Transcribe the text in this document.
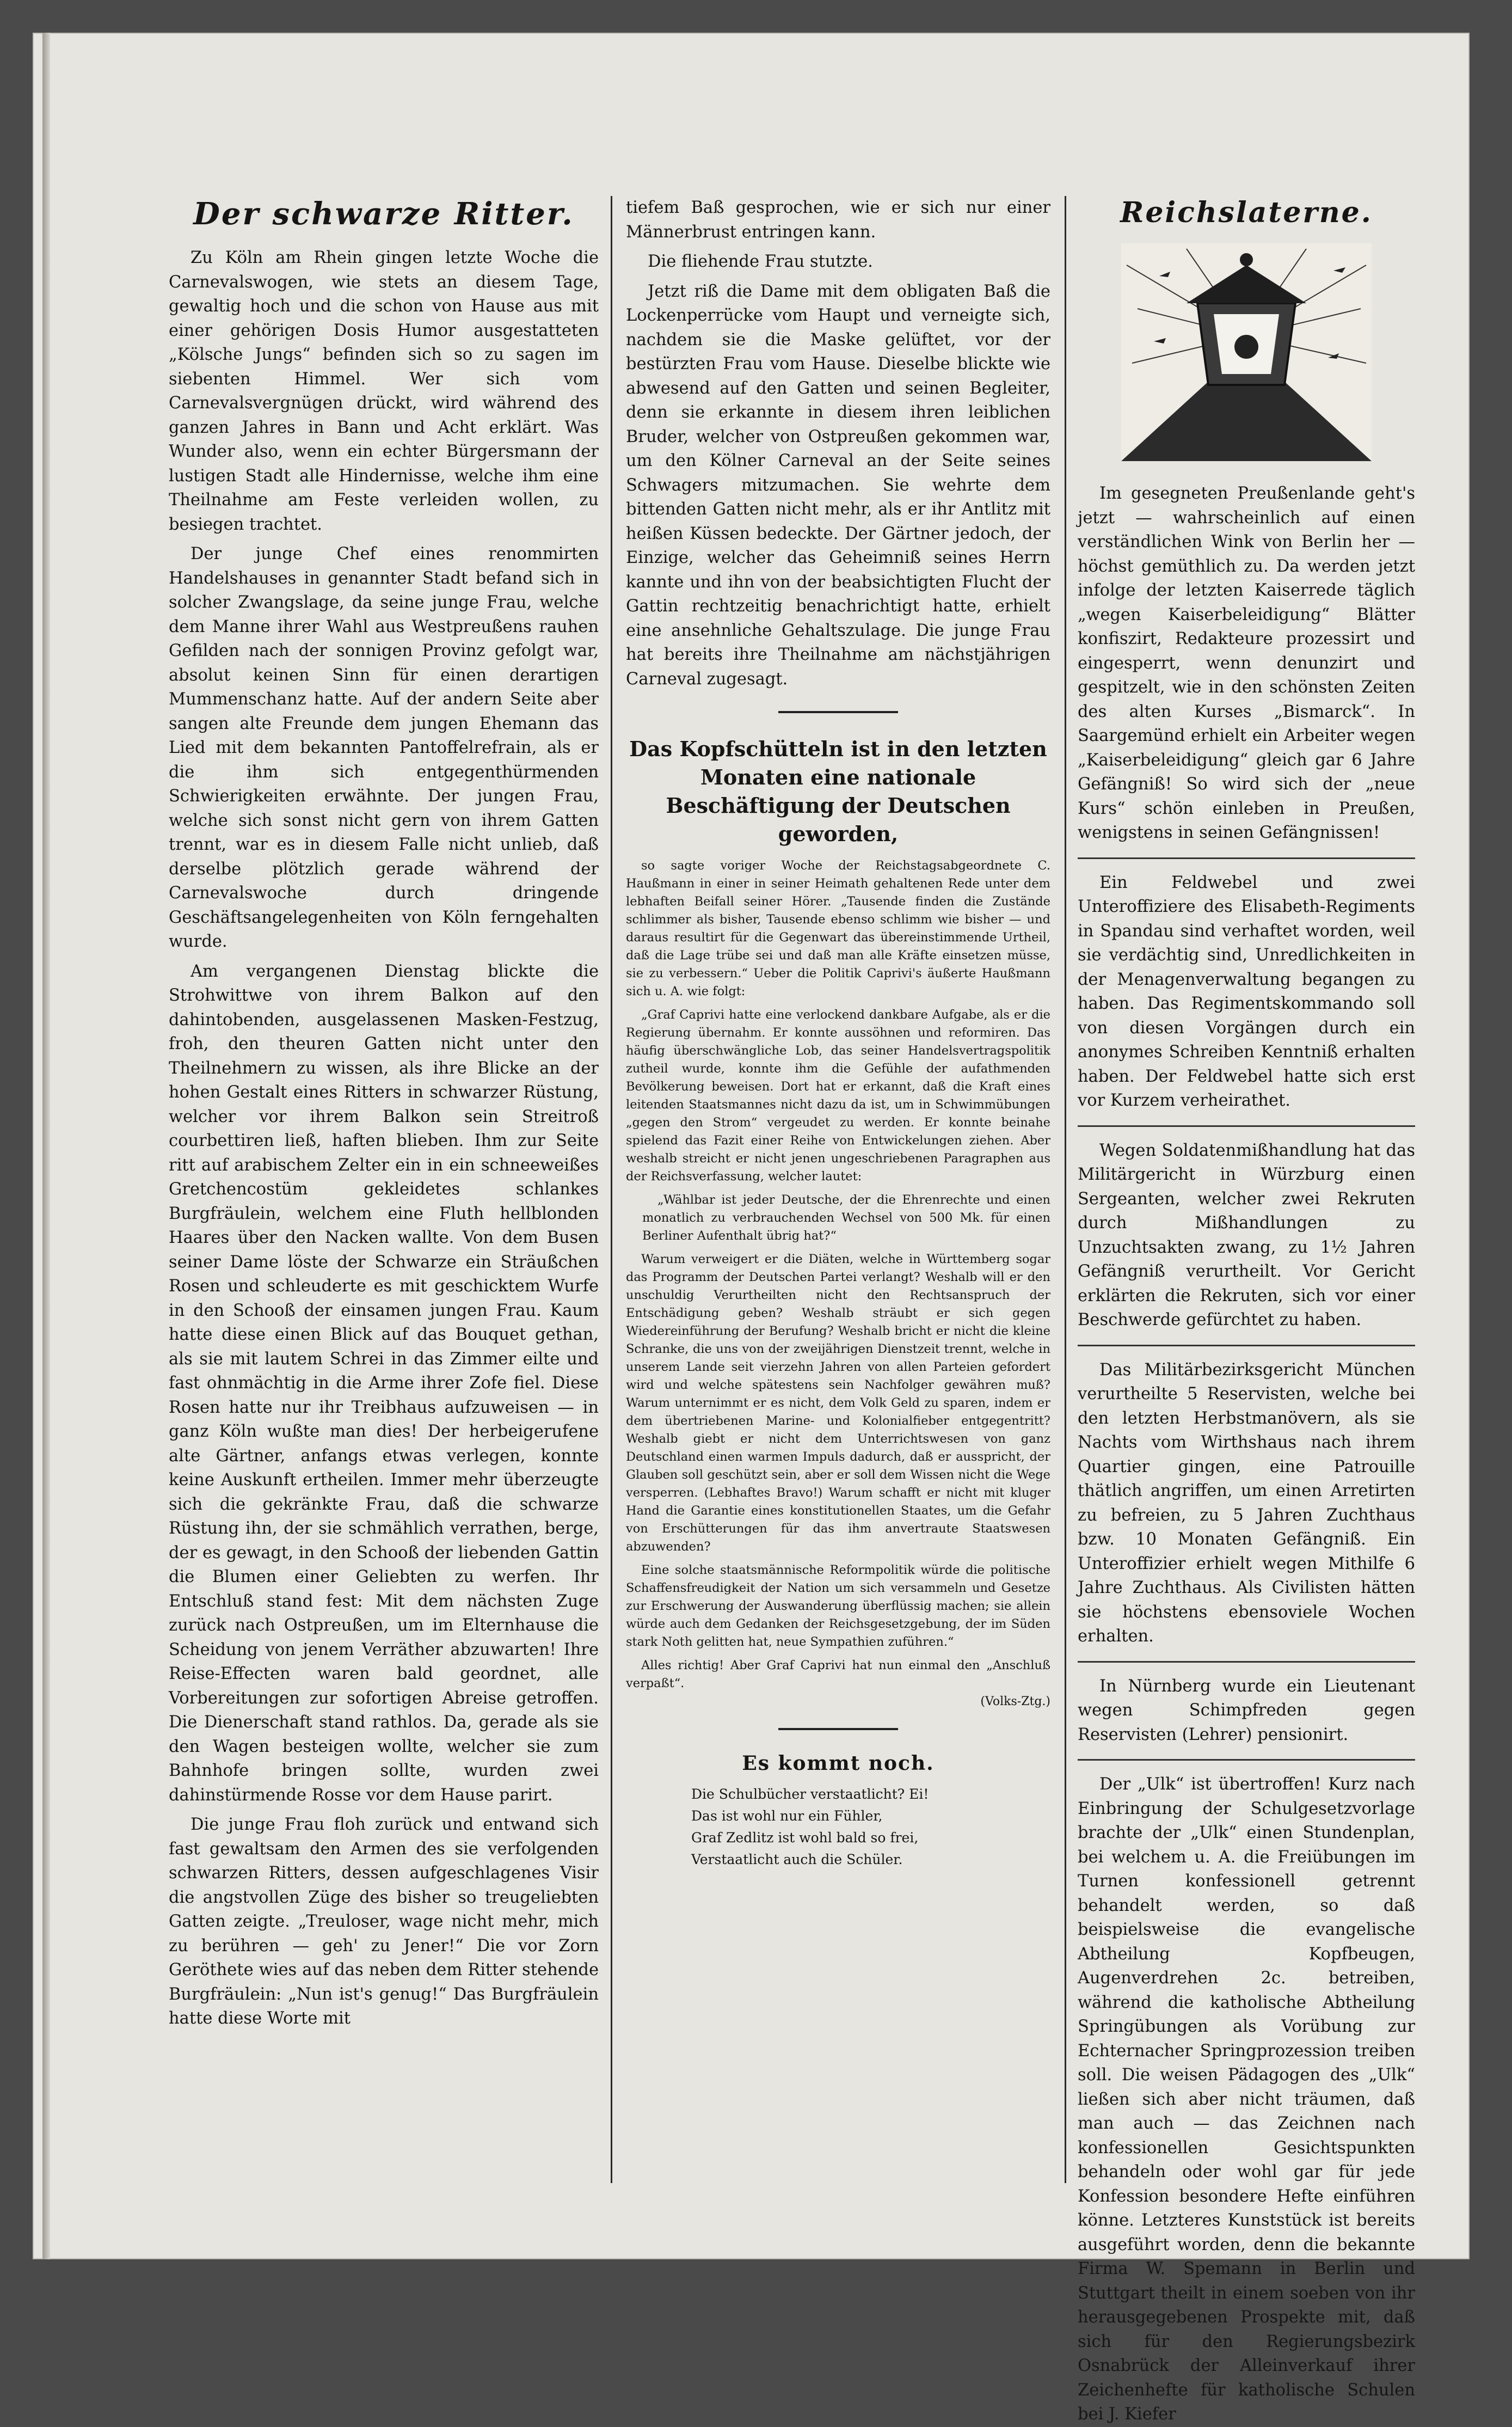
Der schwarze Ritter.

Zu Köln am Rhein gingen letzte Woche die Carnevalswogen, wie stets an diesem Tage, gewaltig hoch und die schon von Hause aus mit einer gehörigen Dosis Humor ausgestatteten „Kölsche Jungs“ befinden sich so zu sagen im siebenten Himmel. Wer sich vom Carnevalsvergnügen drückt, wird während des ganzen Jahres in Bann und Acht erklärt. Was Wunder also, wenn ein echter Bürgersmann der lustigen Stadt alle Hindernisse, welche ihm eine Theilnahme am Feste verleiden wollen, zu besiegen trachtet.

Der junge Chef eines renommirten Handelshauses in genannter Stadt befand sich in solcher Zwangslage, da seine junge Frau, welche dem Manne ihrer Wahl aus Westpreußens rauhen Gefilden nach der sonnigen Provinz gefolgt war, absolut keinen Sinn für einen derartigen Mummenschanz hatte. Auf der andern Seite aber sangen alte Freunde dem jungen Ehemann das Lied mit dem bekannten Pantoffelrefrain, als er die ihm sich entgegenthürmenden Schwierigkeiten erwähnte. Der jungen Frau, welche sich sonst nicht gern von ihrem Gatten trennt, war es in diesem Falle nicht unlieb, daß derselbe plötzlich gerade während der Carnevalswoche durch dringende Geschäftsangelegenheiten von Köln ferngehalten wurde.

Am vergangenen Dienstag blickte die Strohwittwe von ihrem Balkon auf den dahintobenden, ausgelassenen Masken-Festzug, froh, den theuren Gatten nicht unter den Theilnehmern zu wissen, als ihre Blicke an der hohen Gestalt eines Ritters in schwarzer Rüstung, welcher vor ihrem Balkon sein Streitroß courbettiren ließ, haften blieben. Ihm zur Seite ritt auf arabischem Zelter ein in ein schneeweißes Gretchencostüm gekleidetes schlankes Burgfräulein, welchem eine Fluth hellblonden Haares über den Nacken wallte. Von dem Busen seiner Dame löste der Schwarze ein Sträußchen Rosen und schleuderte es mit geschicktem Wurfe in den Schooß der einsamen jungen Frau. Kaum hatte diese einen Blick auf das Bouquet gethan, als sie mit lautem Schrei in das Zimmer eilte und fast ohnmächtig in die Arme ihrer Zofe fiel. Diese Rosen hatte nur ihr Treibhaus aufzuweisen — in ganz Köln wußte man dies! Der herbeigerufene alte Gärtner, anfangs etwas verlegen, konnte keine Auskunft ertheilen. Immer mehr überzeugte sich die gekränkte Frau, daß die schwarze Rüstung ihn, der sie schmählich verrathen, berge, der es gewagt, in den Schooß der liebenden Gattin die Blumen einer Geliebten zu werfen. Ihr Entschluß stand fest: Mit dem nächsten Zuge zurück nach Ostpreußen, um im Elternhause die Scheidung von jenem Verräther abzuwarten! Ihre Reise-Effecten waren bald geordnet, alle Vorbereitungen zur sofortigen Abreise getroffen. Die Dienerschaft stand rathlos. Da, gerade als sie den Wagen besteigen wollte, welcher sie zum Bahnhofe bringen sollte, wurden zwei dahinstürmende Rosse vor dem Hause parirt.

Die junge Frau floh zurück und entwand sich fast gewaltsam den Armen des sie verfolgenden schwarzen Ritters, dessen aufgeschlagenes Visir die angstvollen Züge des bisher so treugeliebten Gatten zeigte. „Treuloser, wage nicht mehr, mich zu berühren — geh' zu Jener!“ Die vor Zorn Geröthete wies auf das neben dem Ritter stehende Burgfräulein: „Nun ist's genug!“ Das Burgfräulein hatte diese Worte mit

tiefem Baß gesprochen, wie er sich nur einer Männerbrust entringen kann.

Die fliehende Frau stutzte.

Jetzt riß die Dame mit dem obligaten Baß die Lockenperrücke vom Haupt und verneigte sich, nachdem sie die Maske gelüftet, vor der bestürzten Frau vom Hause. Dieselbe blickte wie abwesend auf den Gatten und seinen Begleiter, denn sie erkannte in diesem ihren leiblichen Bruder, welcher von Ostpreußen gekommen war, um den Kölner Carneval an der Seite seines Schwagers mitzumachen. Sie wehrte dem bittenden Gatten nicht mehr, als er ihr Antlitz mit heißen Küssen bedeckte. Der Gärtner jedoch, der Einzige, welcher das Geheimniß seines Herrn kannte und ihn von der beabsichtigten Flucht der Gattin rechtzeitig benachrichtigt hatte, erhielt eine ansehnliche Gehaltszulage. Die junge Frau hat bereits ihre Theilnahme am nächstjährigen Carneval zugesagt.

Das Kopfschütteln ist in den letzten Monaten eine nationale Beschäftigung der Deutschen geworden,

so sagte voriger Woche der Reichstagsabgeordnete C. Haußmann in einer in seiner Heimath gehaltenen Rede unter dem lebhaften Beifall seiner Hörer. „Tausende finden die Zustände schlimmer als bisher, Tausende ebenso schlimm wie bisher — und daraus resultirt für die Gegenwart das übereinstimmende Urtheil, daß die Lage trübe sei und daß man alle Kräfte einsetzen müsse, sie zu verbessern.“ Ueber die Politik Caprivi's äußerte Haußmann sich u. A. wie folgt:

„Graf Caprivi hatte eine verlockend dankbare Aufgabe, als er die Regierung übernahm. Er konnte aussöhnen und reformiren. Das häufig überschwängliche Lob, das seiner Handelsvertragspolitik zutheil wurde, konnte ihm die Gefühle der aufathmenden Bevölkerung beweisen. Dort hat er erkannt, daß die Kraft eines leitenden Staatsmannes nicht dazu da ist, um in Schwimmübungen „gegen den Strom“ vergeudet zu werden. Er konnte beinahe spielend das Fazit einer Reihe von Entwickelungen ziehen. Aber weshalb streicht er nicht jenen ungeschriebenen Paragraphen aus der Reichsverfassung, welcher lautet:

„Wählbar ist jeder Deutsche, der die Ehrenrechte und einen monatlich zu verbrauchenden Wechsel von 500 Mk. für einen Berliner Aufenthalt übrig hat?“

Warum verweigert er die Diäten, welche in Württemberg sogar das Programm der Deutschen Partei verlangt? Weshalb will er den unschuldig Verurtheilten nicht den Rechtsanspruch der Entschädigung geben? Weshalb sträubt er sich gegen Wiedereinführung der Berufung? Weshalb bricht er nicht die kleine Schranke, die uns von der zweijährigen Dienstzeit trennt, welche in unserem Lande seit vierzehn Jahren von allen Parteien gefordert wird und welche spätestens sein Nachfolger gewähren muß? Warum unternimmt er es nicht, dem Volk Geld zu sparen, indem er dem übertriebenen Marine- und Kolonialfieber entgegentritt? Weshalb giebt er nicht dem Unterrichtswesen von ganz Deutschland einen warmen Impuls dadurch, daß er ausspricht, der Glauben soll geschützt sein, aber er soll dem Wissen nicht die Wege versperren. (Lebhaftes Bravo!) Warum schafft er nicht mit kluger Hand die Garantie eines konstitutionellen Staates, um die Gefahr von Erschütterungen für das ihm anvertraute Staatswesen abzuwenden?

Eine solche staatsmännische Reformpolitik würde die politische Schaffensfreudigkeit der Nation um sich versammeln und Gesetze zur Erschwerung der Auswanderung überflüssig machen; sie allein würde auch dem Gedanken der Reichsgesetzgebung, der im Süden stark Noth gelitten hat, neue Sympathien zuführen.“

Alles richtig! Aber Graf Caprivi hat nun einmal den „Anschluß verpaßt“.

(Volks-Ztg.)
Es kommt noch.
Die Schulbücher verstaatlicht? Ei!
Das ist wohl nur ein Fühler,
Graf Zedlitz ist wohl bald so frei,
Verstaatlicht auch die Schüler.
Reichslaterne.

Im gesegneten Preußenlande geht's jetzt — wahrscheinlich auf einen verständlichen Wink von Berlin her — höchst gemüthlich zu. Da werden jetzt infolge der letzten Kaiserrede täglich „wegen Kaiserbeleidigung“ Blätter konfiszirt, Redakteure prozessirt und eingesperrt, wenn denunzirt und gespitzelt, wie in den schönsten Zeiten des alten Kurses „Bismarck“. In Saargemünd erhielt ein Arbeiter wegen „Kaiserbeleidigung“ gleich gar 6 Jahre Gefängniß! So wird sich der „neue Kurs“ schön einleben in Preußen, wenigstens in seinen Gefängnissen!

Ein Feldwebel und zwei Unteroffiziere des Elisabeth-Regiments in Spandau sind verhaftet worden, weil sie verdächtig sind, Unredlichkeiten in der Menagenverwaltung begangen zu haben. Das Regimentskommando soll von diesen Vorgängen durch ein anonymes Schreiben Kenntniß erhalten haben. Der Feldwebel hatte sich erst vor Kurzem verheirathet.

Wegen Soldatenmißhandlung hat das Militärgericht in Würzburg einen Sergeanten, welcher zwei Rekruten durch Mißhandlungen zu Unzuchtsakten zwang, zu 1½ Jahren Gefängniß verurtheilt. Vor Gericht erklärten die Rekruten, sich vor einer Beschwerde gefürchtet zu haben.

Das Militärbezirksgericht München verurtheilte 5 Reservisten, welche bei den letzten Herbstmanövern, als sie Nachts vom Wirthshaus nach ihrem Quartier gingen, eine Patrouille thätlich angriffen, um einen Arretirten zu befreien, zu 5 Jahren Zuchthaus bzw. 10 Monaten Gefängniß. Ein Unteroffizier erhielt wegen Mithilfe 6 Jahre Zuchthaus. Als Civilisten hätten sie höchstens ebensoviele Wochen erhalten.

In Nürnberg wurde ein Lieutenant wegen Schimpfreden gegen Reservisten (Lehrer) pensionirt.

Der „Ulk“ ist übertroffen! Kurz nach Einbringung der Schulgesetzvorlage brachte der „Ulk“ einen Stundenplan, bei welchem u. A. die Freiübungen im Turnen konfessionell getrennt behandelt werden, so daß beispielsweise die evangelische Abtheilung Kopfbeugen, Augenverdrehen 2c. betreiben, während die katholische Abtheilung Springübungen als Vorübung zur Echternacher Springprozession treiben soll. Die weisen Pädagogen des „Ulk“ ließen sich aber nicht träumen, daß man auch — das Zeichnen nach konfessionellen Gesichtspunkten behandeln oder wohl gar für jede Konfession besondere Hefte einführen könne. Letzteres Kunststück ist bereits ausgeführt worden, denn die bekannte Firma W. Spemann in Berlin und Stuttgart theilt in einem soeben von ihr herausgegebenen Prospekte mit, daß sich für den Regierungsbezirk Osnabrück der Alleinverkauf ihrer Zeichenhefte für katholische Schulen bei J. Kiefer
